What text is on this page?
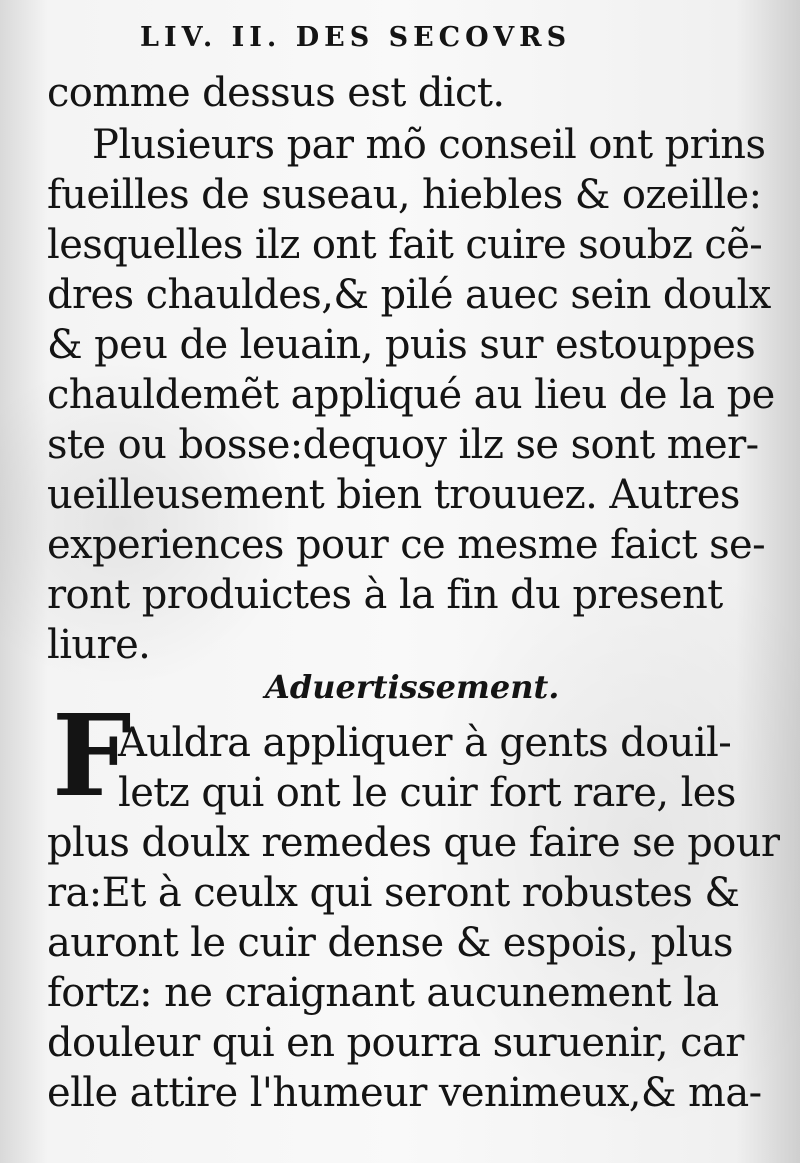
LIV. II. DES SECOVRS
comme dessus est dict.
Plusieurs par mõ conseil ont prins
fueilles de suseau, hiebles & ozeille:
lesquelles ilz ont fait cuire soubz cẽ-
dres chauldes,& pilé auec sein doulx
& peu de leuain, puis sur estouppes
chauldemẽt appliqué au lieu de la pe
ste ou bosse:dequoy ilz se sont mer-
ueilleusement bien trouuez. Autres
experiences pour ce mesme faict se-
ront produictes à la fin du present
liure.
Aduertissement.
F
Auldra appliquer à gents douil-
letz qui ont le cuir fort rare, les
plus doulx remedes que faire se pour
ra:Et à ceulx qui seront robustes &
auront le cuir dense & espois, plus
fortz: ne craignant aucunement la
douleur qui en pourra suruenir, car
elle attire l'humeur venimeux,& ma-
